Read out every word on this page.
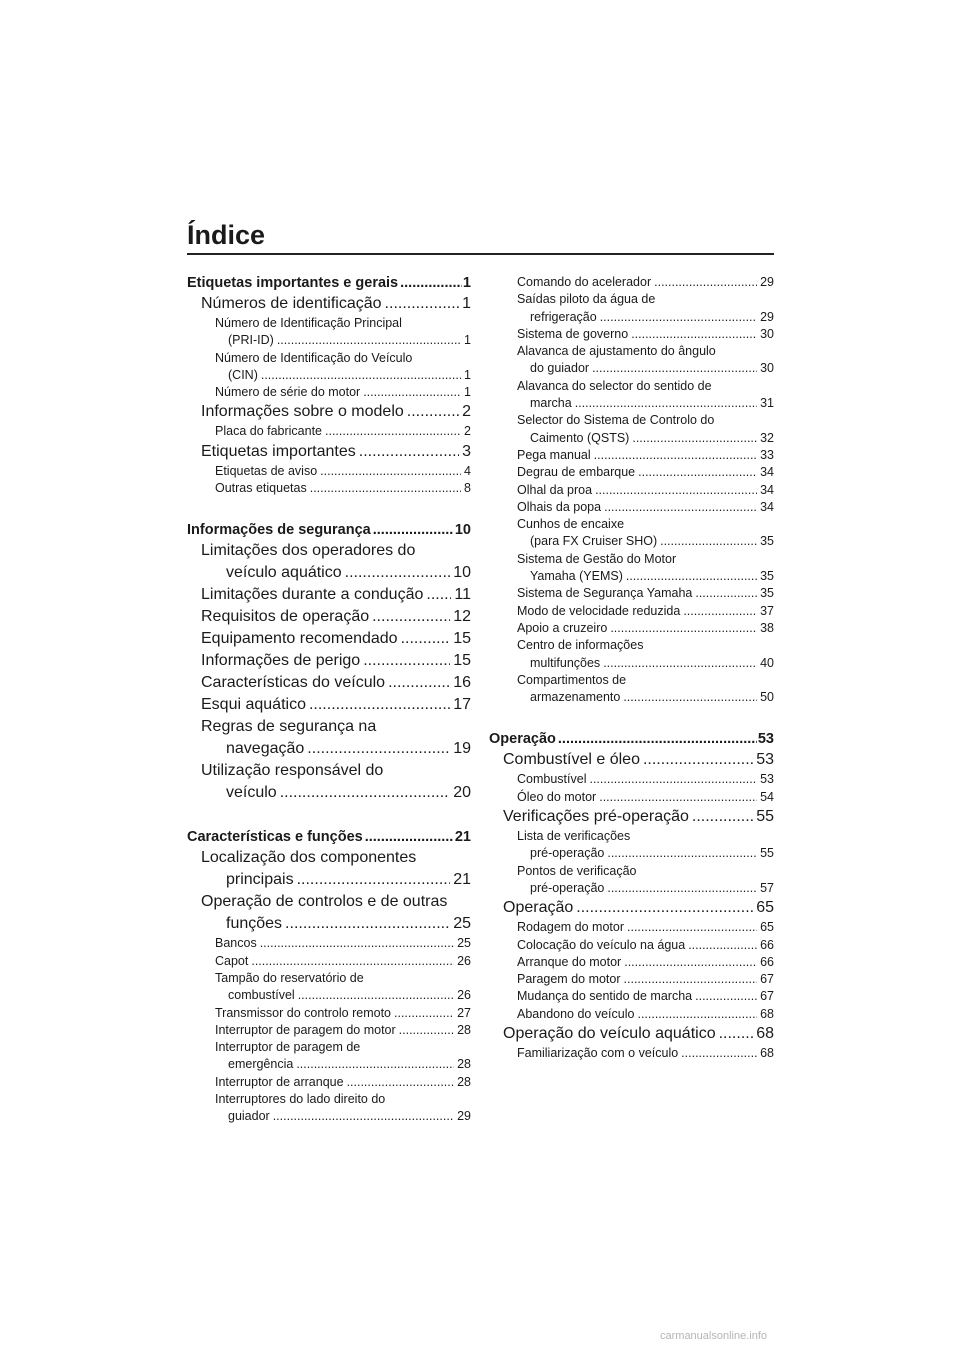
Índice
Etiquetas importantes e gerais .....	1
Números de identificação .....	1
Número de Identificação Principal
(PRI-ID) .....	1
Número de Identificação do Veículo
(CIN) .....	1
Número de série do motor .....	1
Informações sobre o modelo .....	2
Placa do fabricante .....	2
Etiquetas importantes .....	3
Etiquetas de aviso .....	4
Outras etiquetas .....	8
Informações de segurança .....	10
Limitações dos operadores do
veículo aquático .....	10
Limitações durante a condução ..... 11
Requisitos de operação .....	12
Equipamento recomendado .....	15
Informações de perigo .....	15
Características do veículo .....	16
Esqui aquático .....	17
Regras de segurança na
navegação .....	19
Utilização responsável do
veículo .....	20
Características e funções .....	21
Localização dos componentes
principais .....	21
Operação de controlos e de outras
funções .....	25
Bancos .....	25
Capot .....	26
Tampão do reservatório de
combustível .....	26
Transmissor do controlo remoto .....	27
Interruptor de paragem do motor .....	28
Interruptor de paragem de
emergência .....	28
Interruptor de arranque .....	28
Interruptores do lado direito do
guiador .....	29
Comando do acelerador .....	29
Saídas piloto da água de
refrigeração .....	29
Sistema de governo .....	30
Alavanca de ajustamento do ângulo
do guiador .....	30
Alavanca do selector do sentido de
marcha .....	31
Selector do Sistema de Controlo do
Caimento (QSTS) .....	32
Pega manual .....	33
Degrau de embarque .....	34
Olhal da proa .....	34
Olhais da popa .....	34
Cunhos de encaixe
(para FX Cruiser SHO) .....	35
Sistema de Gestão do Motor
Yamaha (YEMS) .....	35
Sistema de Segurança Yamaha .....	35
Modo de velocidade reduzida .....	37
Apoio a cruzeiro .....	38
Centro de informações
multifunções .....	40
Compartimentos de
armazenamento .....	50
Operação .....	53
Combustível e óleo .....	53
Combustível .....	53
Óleo do motor .....	54
Verificações pré-operação .....	55
Lista de verificações
pré-operação .....	55
Pontos de verificação
pré-operação .....	57
Operação .....	65
Rodagem do motor .....	65
Colocação do veículo na água .....	66
Arranque do motor .....	66
Paragem do motor .....	67
Mudança do sentido de marcha .....	67
Abandono do veículo .....	68
Operação do veículo aquático .....	68
Familiarização com o veículo .....	68
carmanualsonline.info
